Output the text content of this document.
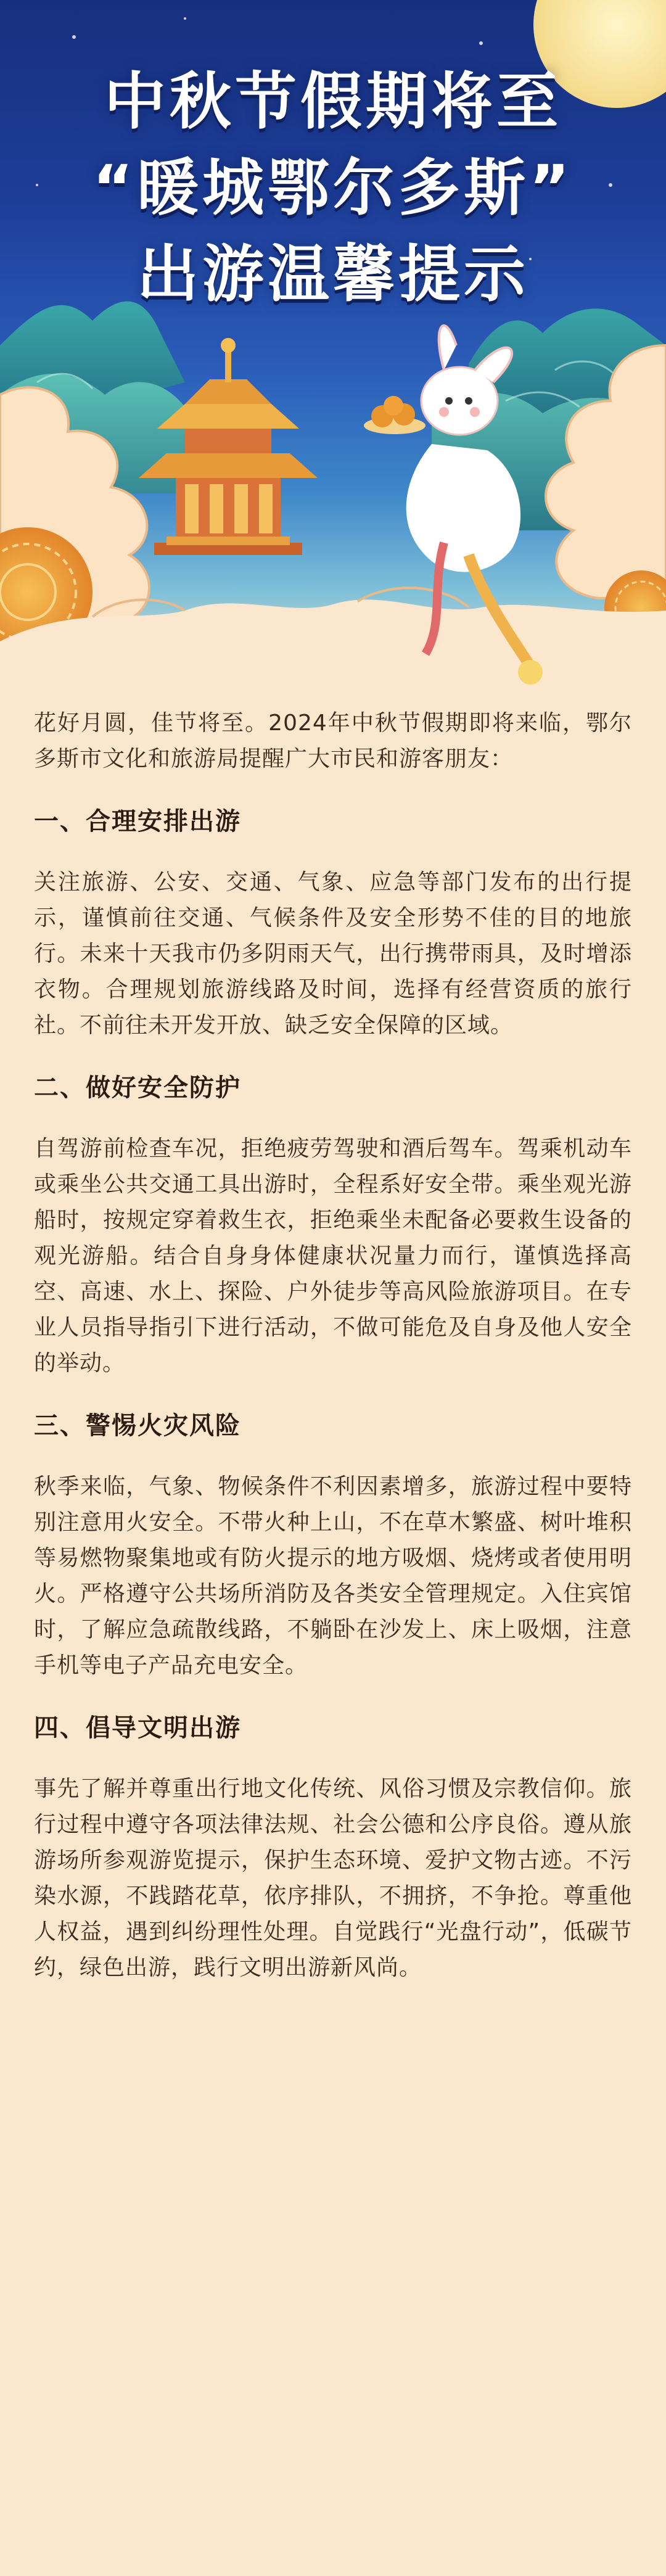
中秋节假期将至
“暖城鄂尔多斯”
出游温馨提示

花好月圆，佳节将至。2024年中秋节假期即将来临，鄂尔多斯市文化和旅游局提醒广大市民和游客朋友：

一、合理安排出游

关注旅游、公安、交通、气象、应急等部门发布的出行提示，谨慎前往交通、气候条件及安全形势不佳的目的地旅行。未来十天我市仍多阴雨天气，出行携带雨具，及时增添衣物。合理规划旅游线路及时间，选择有经营资质的旅行社。不前往未开发开放、缺乏安全保障的区域。

二、做好安全防护

自驾游前检查车况，拒绝疲劳驾驶和酒后驾车。驾乘机动车或乘坐公共交通工具出游时，全程系好安全带。乘坐观光游船时，按规定穿着救生衣，拒绝乘坐未配备必要救生设备的观光游船。结合自身身体健康状况量力而行，谨慎选择高空、高速、水上、探险、户外徒步等高风险旅游项目。在专业人员指导指引下进行活动，不做可能危及自身及他人安全的举动。

三、警惕火灾风险

秋季来临，气象、物候条件不利因素增多，旅游过程中要特别注意用火安全。不带火种上山，不在草木繁盛、树叶堆积等易燃物聚集地或有防火提示的地方吸烟、烧烤或者使用明火。严格遵守公共场所消防及各类安全管理规定。入住宾馆时，了解应急疏散线路，不躺卧在沙发上、床上吸烟，注意手机等电子产品充电安全。

四、倡导文明出游

事先了解并尊重出行地文化传统、风俗习惯及宗教信仰。旅行过程中遵守各项法律法规、社会公德和公序良俗。遵从旅游场所参观游览提示，保护生态环境、爱护文物古迹。不污染水源，不践踏花草，依序排队，不拥挤，不争抢。尊重他人权益，遇到纠纷理性处理。自觉践行“光盘行动”，低碳节约，绿色出游，践行文明出游新风尚。
